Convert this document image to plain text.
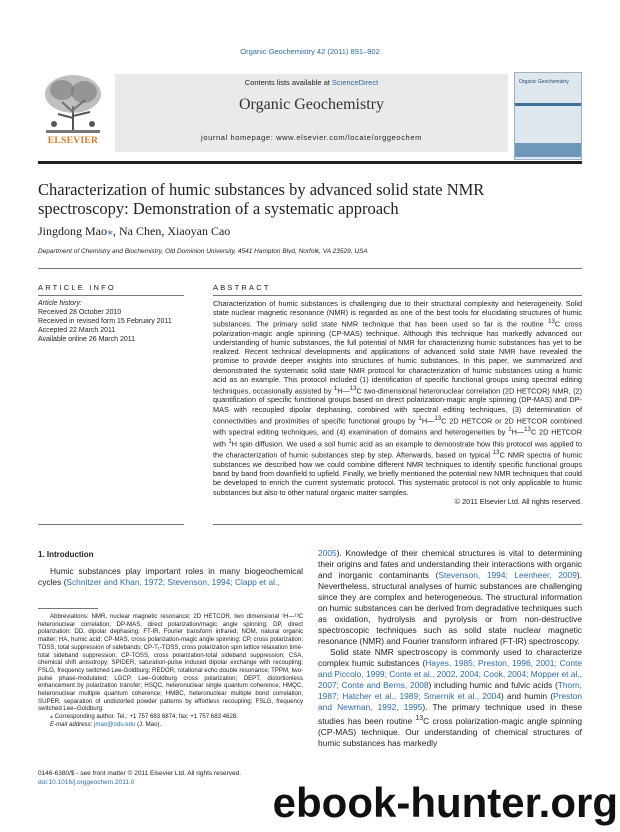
Organic Geochemistry 42 (2011) 891–902
ELSEVIER
Contents lists available at ScienceDirect
Organic Geochemistry
journal homepage: www.elsevier.com/locate/orggeochem
Organic Geochemistry
Characterization of humic substances by advanced solid state NMR spectroscopy: Demonstration of a systematic approach
Jingdong Mao⁎, Na Chen, Xiaoyan Cao
Department of Chemistry and Biochemistry, Old Dominion University, 4541 Hampton Blvd, Norfolk, VA 23529, USA
ARTICLE INFO	ABSTRACT
Article history:
Received 28 October 2010
Received in revised form 15 February 2011
Accepted 22 March 2011
Available online 26 March 2011
Characterization of humic substances is challenging due to their structural complexity and heterogeneity. Solid state nuclear magnetic resonance (NMR) is regarded as one of the best tools for elucidating structures of humic substances. The primary solid state NMR technique that has been used so far is the routine $^{13}$C cross polarization-magic angle spinning (CP-MAS) technique. Although this technique has markedly advanced our understanding of humic substances, the full potential of NMR for characterizing humic substances has yet to be realized. Recent technical developments and applications of advanced solid state NMR have revealed the promise to provide deeper insights into structures of humic substances. In this paper, we summarized and demonstrated the systematic solid state NMR protocol for characterization of humic substances using a humic acid as an example. This protocol included (1) identification of specific functional groups using spectral editing techniques, occasionally assisted by $^1$H—$^{13}$C two-dimensional heteronuclear correlation (2D HETCOR) NMR, (2) quantification of specific functional groups based on direct polarization-magic angle spinning (DP-MAS) and DP-MAS with recoupled dipolar dephasing, combined with spectral editing techniques, (3) determination of connectivities and proximities of specific functional groups by $^1$H—$^{13}$C 2D HETCOR or 2D HETCOR combined with spectral editing techniques, and (4) examination of domains and heterogeneities by $^1$H—$^{13}$C 2D HETCOR with $^1$H spin diffusion. We used a soil humic acid as an example to demonstrate how this protocol was applied to the characterization of humic substances step by step. Afterwards, based on typical $^{13}$C NMR spectra of humic substances we described how we could combine different NMR techniques to identify specific functional groups band by band from downfield to upfield. Finally, we briefly mentioned the potential new NMR techniques that could be developed to enrich the current systematic protocol. This systematic protocol is not only applicable to humic substances but also to other natural organic matter samples.
© 2011 Elsevier Ltd. All rights reserved.
1. Introduction
Humic substances play important roles in many biogeochemical cycles (Schnitzer and Khan, 1972; Stevenson, 1994; Clapp et al.,
Abbreviations: NMR, nuclear magnetic resonance; 2D HETCOR, two dimensional ¹H—¹³C heteronuclear correlation; DP-MAS, direct polarization/magic angle spinning; DP, direct polarization; DD, dipolar dephasing; FT-IR, Fourier transform infrared; NOM, natural organic matter; HA, humic acid; CP-MAS, cross polarization-magic angle spinning; CP, cross polarization; TOSS, total suppression of sidebands; CP-T₁-TOSS, cross polarization spin lattice relaxation time-total sideband suppression; CP-TOSS, cross polarization-total sideband suppression; CSA, chemical shift anisotropy; SPIDER, saturation-pulse induced dipolar exchange with recoupling; FSLG, frequency switched Lee-Goldburg; REDOR, rotational echo double resonance; TPPM, two-pulse phase-modulated; LGCP, Lee–Goldburg cross polarization; DEPT, distortionless enhancement by polarization transfer; HSQC, heteronuclear single quantum coherence; HMQC, heteronuclear multiple quantum coherence; HMBC, heteronuclear multiple bond correlation; SUPER, separation of undistorted powder patterns by effortless recoupling; FSLG, frequency switched Lee–Goldburg.
⁎ Corresponding author. Tel.: +1 757 683 6874; fax: +1 757 683 4628.
E-mail address: jmao@odu.edu (J. Mao).
0146-6380/$ - see front matter © 2011 Elsevier Ltd. All rights reserved.
doi:10.1016/j.orggeochem.2011.0
2005). Knowledge of their chemical structures is vital to determining their origins and fates and understanding their interactions with organic and inorganic contaminants (Stevenson, 1994; Leenheer, 2009). Nevertheless, structural analyses of humic substances are challenging since they are complex and heterogeneous. The structural information on humic substances can be derived from degradative techniques such as oxidation, hydrolysis and pyrolysis or from non-destructive spectroscopic techniques such as solid state nuclear magnetic resonance (NMR) and Fourier transform infrared (FT-IR) spectroscopy.
Solid state NMR spectroscopy is commonly used to characterize complex humic substances (Hayes, 1985; Preston, 1996, 2001; Conte and Piccolo, 1999; Conte et al., 2002, 2004; Cook, 2004; Mopper et al., 2007; Conte and Berns, 2008) including humic and fulvic acids (Thorn, 1987; Hatcher et al., 1989; Smernik et al., 2004) and humin (Preston and Newman, 1992, 1995). The primary technique used in these studies has been routine $^{13}$C cross polarization-magic angle spinning (CP-MAS) technique. Our understanding of chemical structures of humic substances has markedly
ebook-hunter.org
